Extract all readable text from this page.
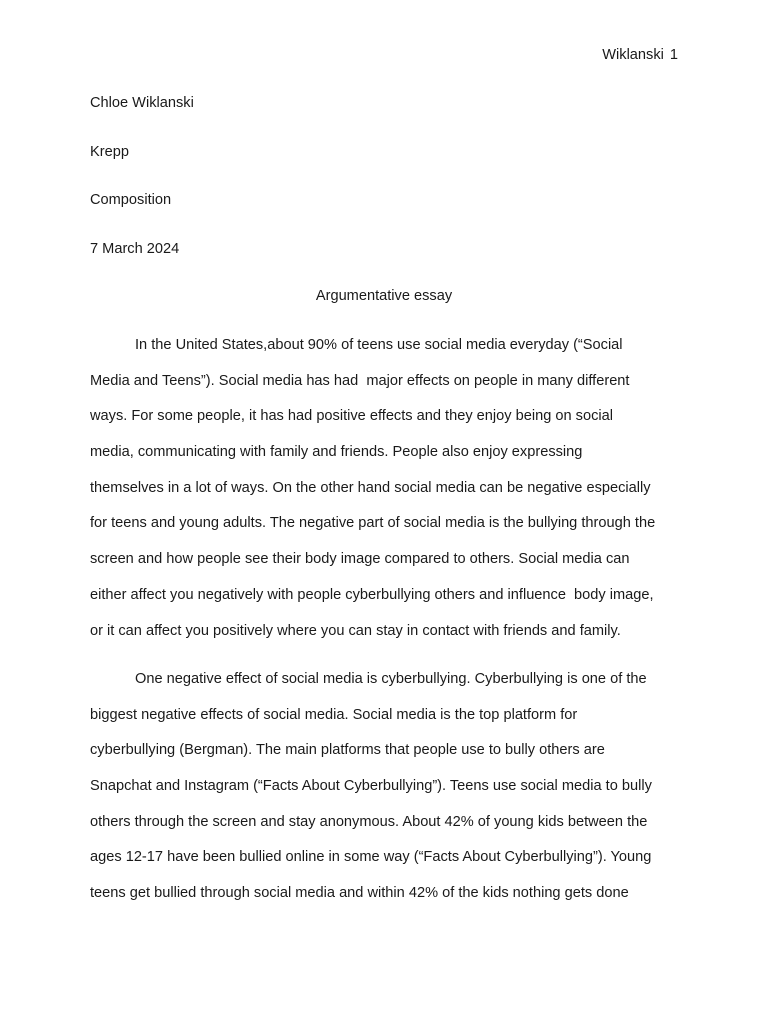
Wiklanski 1
Chloe Wiklanski
Krepp
Composition
7 March 2024
Argumentative essay
In the United States,about 90% of teens use social media everyday (“Social
Media and Teens”). Social media has had  major effects on people in many different
ways. For some people, it has had positive effects and they enjoy being on social
media, communicating with family and friends. People also enjoy expressing
themselves in a lot of ways. On the other hand social media can be negative especially
for teens and young adults. The negative part of social media is the bullying through the
screen and how people see their body image compared to others. Social media can
either affect you negatively with people cyberbullying others and influence  body image,
or it can affect you positively where you can stay in contact with friends and family.
One negative effect of social media is cyberbullying. Cyberbullying is one of the
biggest negative effects of social media. Social media is the top platform for
cyberbullying (Bergman). The main platforms that people use to bully others are
Snapchat and Instagram (“Facts About Cyberbullying”). Teens use social media to bully
others through the screen and stay anonymous. About 42% of young kids between the
ages 12-17 have been bullied online in some way (“Facts About Cyberbullying”). Young
teens get bullied through social media and within 42% of the kids nothing gets done
